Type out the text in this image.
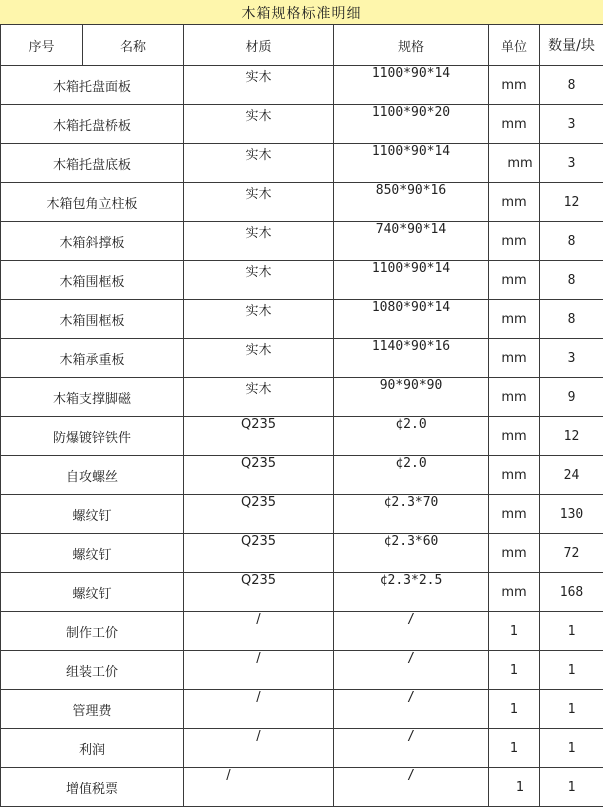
木箱规格标准明细
序号	名称	材质	规格	单位	数量/块
木箱托盘面板		实木	1100*90*14	mm	8
木箱托盘桥板		实木	1100*90*20	mm	3
木箱托盘底板		实木	1100*90*14	mm	3
木箱包角立柱板		实木	850*90*16	mm	12
木箱斜撑板		实木	740*90*14	mm	8
木箱围框板		实木	1100*90*14	mm	8
木箱围框板		实木	1080*90*14	mm	8
木箱承重板		实木	1140*90*16	mm	3
木箱支撑脚磁		实木	90*90*90	mm	9
防爆镀锌铁件		Q235	¢2.0	mm	12
自攻螺丝		Q235	¢2.0	mm	24
螺纹钉		Q235	¢2.3*70	mm	130
螺纹钉		Q235	¢2.3*60	mm	72
螺纹钉		Q235	¢2.3*2.5	mm	168
制作工价		/	/	1	1
组装工价		/	/	1	1
管理费		/	/	1	1
利润		/	/	1	1
增值税票		/	/	1	1
